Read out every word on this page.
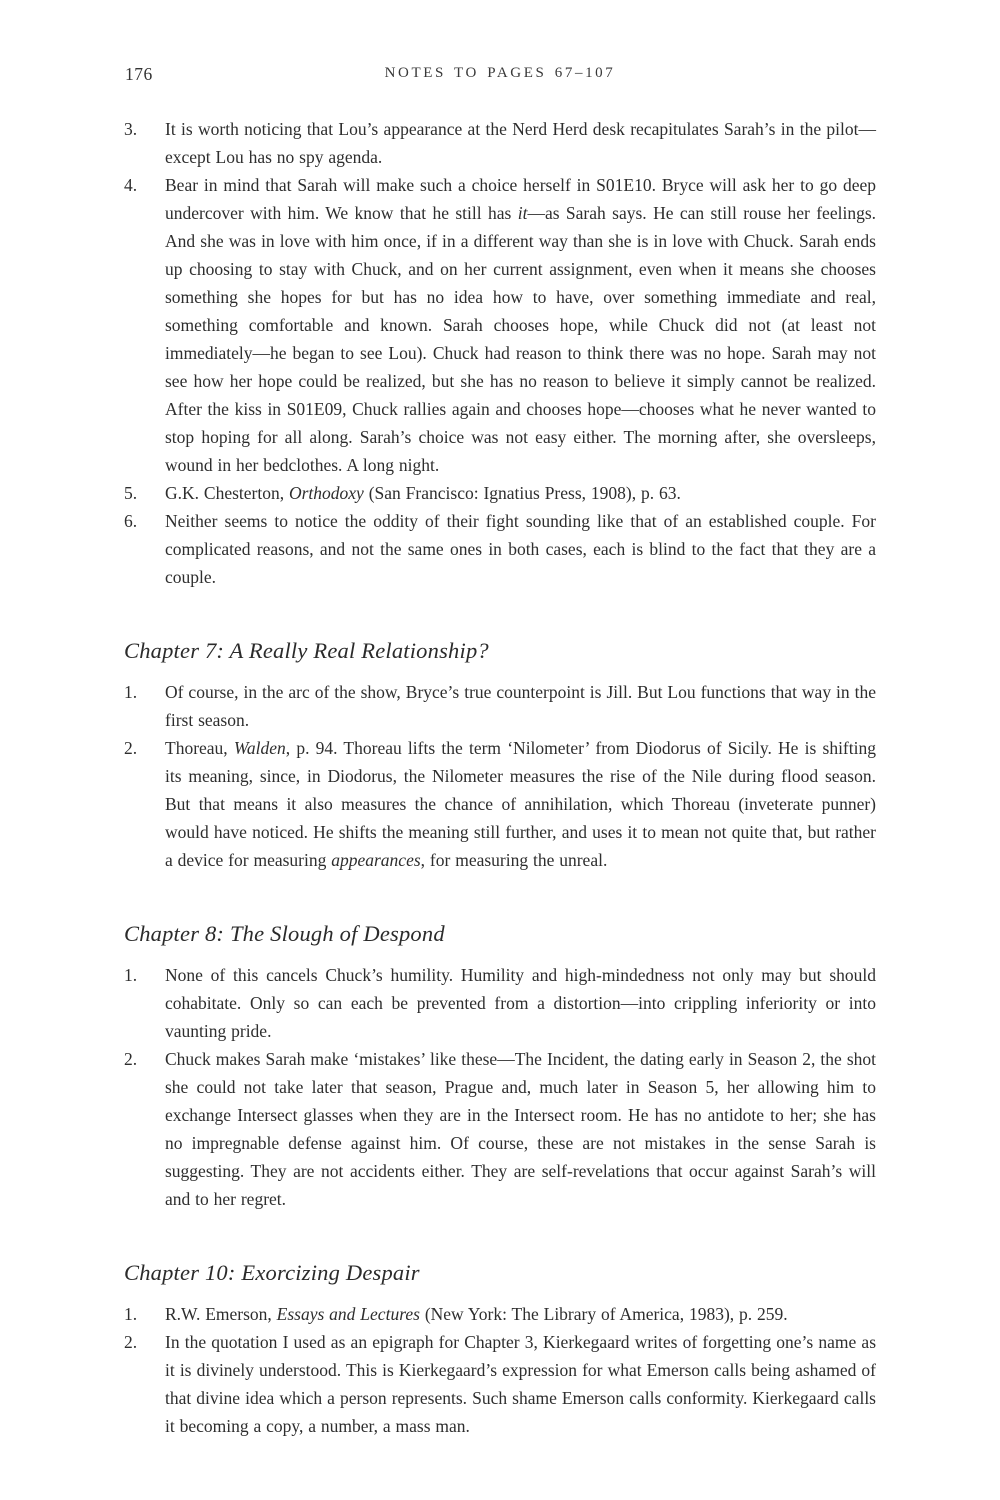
176	NOTES TO PAGES 67–107
3.	It is worth noticing that Lou’s appearance at the Nerd Herd desk recapitulates Sarah’s in the pilot—except Lou has no spy agenda.

4.	Bear in mind that Sarah will make such a choice herself in S01E10. Bryce will ask her to go deep undercover with him. We know that he still has it—as Sarah says. He can still rouse her feelings. And she was in love with him once, if in a different way than she is in love with Chuck. Sarah ends up choosing to stay with Chuck, and on her current assignment, even when it means she chooses something she hopes for but has no idea how to have, over something immediate and real, something comfortable and known. Sarah chooses hope, while Chuck did not (at least not immediately—he began to see Lou). Chuck had reason to think there was no hope. Sarah may not see how her hope could be realized, but she has no reason to believe it simply cannot be realized. After the kiss in S01E09, Chuck rallies again and chooses hope—chooses what he never wanted to stop hoping for all along. Sarah’s choice was not easy either. The morning after, she oversleeps, wound in her bedclothes. A long night.

5.	G.K. Chesterton, Orthodoxy (San Francisco: Ignatius Press, 1908), p. 63.

6.	Neither seems to notice the oddity of their fight sounding like that of an established couple. For complicated reasons, and not the same ones in both cases, each is blind to the fact that they are a couple.

Chapter 7: A Really Real Relationship?
1.	Of course, in the arc of the show, Bryce’s true counterpoint is Jill. But Lou functions that way in the first season.

2.	Thoreau, Walden, p. 94. Thoreau lifts the term ‘Nilometer’ from Diodorus of Sicily. He is shifting its meaning, since, in Diodorus, the Nilometer measures the rise of the Nile during flood season. But that means it also measures the chance of annihilation, which Thoreau (inveterate punner) would have noticed. He shifts the meaning still further, and uses it to mean not quite that, but rather a device for measuring appearances, for measuring the unreal.

Chapter 8: The Slough of Despond
1.	None of this cancels Chuck’s humility. Humility and high-mindedness not only may but should cohabitate. Only so can each be prevented from a distortion—into crippling inferiority or into vaunting pride.

2.	Chuck makes Sarah make ‘mistakes’ like these—The Incident, the dating early in Season 2, the shot she could not take later that season, Prague and, much later in Season 5, her allowing him to exchange Intersect glasses when they are in the Intersect room. He has no antidote to her; she has no impregnable defense against him. Of course, these are not mistakes in the sense Sarah is suggesting. They are not accidents either. They are self-revelations that occur against Sarah’s will and to her regret.

Chapter 10: Exorcizing Despair
1.	R.W. Emerson, Essays and Lectures (New York: The Library of America, 1983), p. 259.

2.	In the quotation I used as an epigraph for Chapter 3, Kierkegaard writes of forgetting one’s name as it is divinely understood. This is Kierkegaard’s expression for what Emerson calls being ashamed of that divine idea which a person represents. Such shame Emerson calls conformity. Kierkegaard calls it becoming a copy, a number, a mass man.
